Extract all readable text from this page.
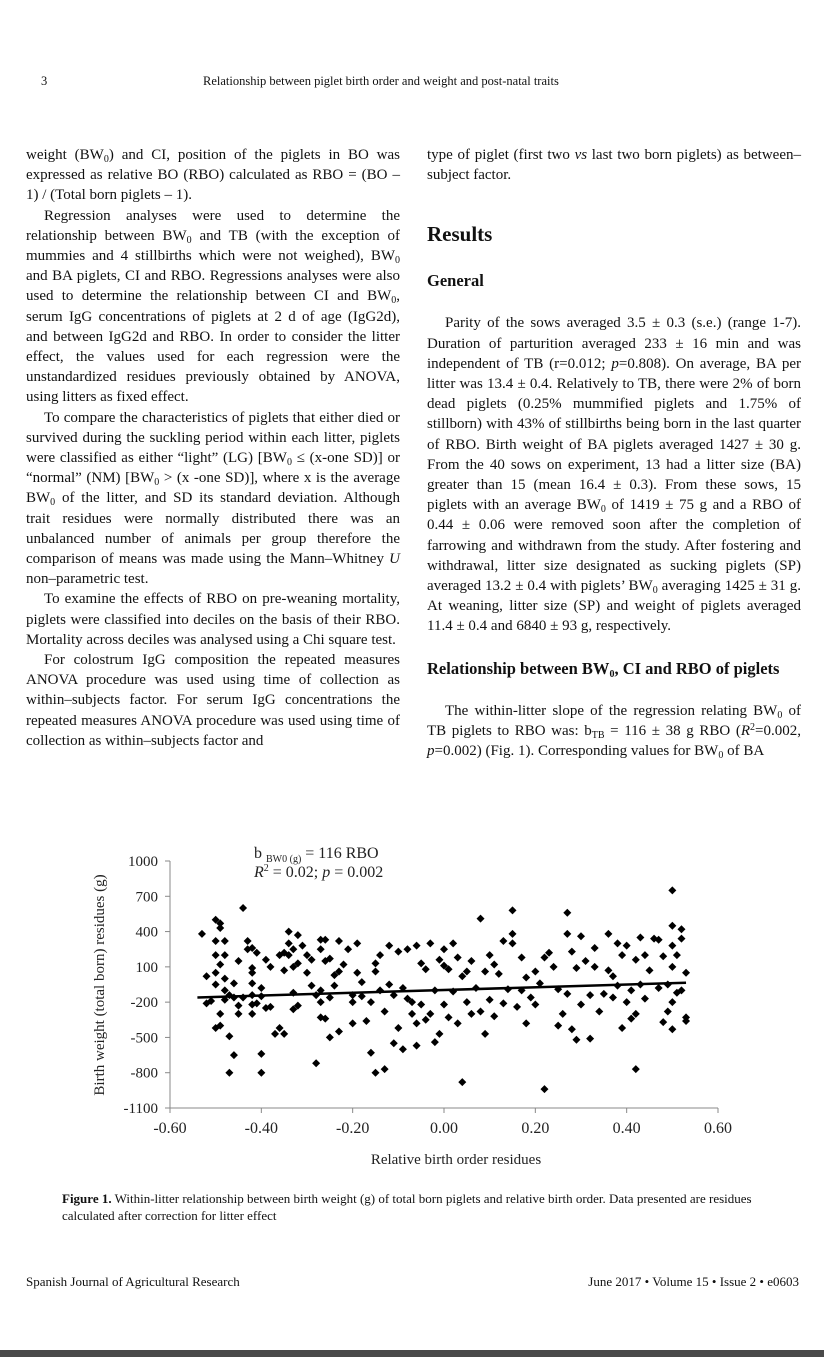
3	Relationship between piglet birth order and weight and post-natal traits

weight $(BW_0)$ and CI, position of the piglets in BO was expressed as relative BO (RBO) calculated as RBO = (BO – 1) / (Total born piglets – 1).

Regression analyses were used to determine the relationship between $BW_0$ and TB (with the exception of mummies and 4 stillbirths which were not weighed), $BW_0$ and BA piglets, CI and RBO. Regressions analyses were also used to determine the relationship between CI and $BW_0$, serum IgG concentrations of piglets at 2 d of age (IgG2d), and between IgG2d and RBO. In order to consider the litter effect, the values used for each regression were the unstandardized residues previously obtained by ANOVA, using litters as fixed effect.

To compare the characteristics of piglets that either died or survived during the suckling period within each litter, piglets were classified as either “light” (LG) [$BW_0 \le (x-one$ SD)] or “normal” (NM) [$BW_0 > (x$ -one SD)], where x is the average $BW_0$ of the litter, and SD its standard deviation. Although trait residues were normally distributed there was an unbalanced number of animals per group therefore the comparison of means was made using the Mann–Whitney U non–parametric test.

To examine the effects of RBO on pre-weaning mortality, piglets were classified into deciles on the basis of their RBO. Mortality across deciles was analysed using a Chi square test.

For colostrum IgG composition the repeated measures ANOVA procedure was used using time of collection as within–subjects factor. For serum IgG concentrations the repeated measures ANOVA procedure was used using time of collection as within–subjects factor and

type of piglet (first two vs last two born piglets) as between–subject factor.

Results

General

Parity of the sows averaged 3.5 ± 0.3 (s.e.) (range 1-7). Duration of parturition averaged 233 ± 16 min and was independent of TB (r=0.012; p=0.808). On average, BA per litter was 13.4 ± 0.4. Relatively to TB, there were 2% of born dead piglets (0.25% mummified piglets and 1.75% of stillborn) with 43% of stillbirths being born in the last quarter of RBO. Birth weight of BA piglets averaged 1427 ± 30 g. From the 40 sows on experiment, 13 had a litter size (BA) greater than 15 (mean 16.4 ± 0.3). From these sows, 15 piglets with an average $BW_0$ of 1419 ± 75 g and a RBO of 0.44 ± 0.06 were removed soon after the completion of farrowing and withdrawn from the study. After fostering and withdrawal, litter size designated as sucking piglets (SP) averaged 13.2 ± 0.4 with piglets’ $BW_0$ averaging 1425 ± 31 g. At weaning, litter size (SP) and weight of piglets averaged 11.4 ± 0.4 and 6840 ± 93 g, respectively.

Relationship between $BW_0$, CI and RBO of piglets

The within-litter slope of the regression relating $BW_0$ of TB piglets to RBO was: $b_{TB} = 116 \pm 38$ g RBO ($R^2=0.002$, p=0.002) (Fig. 1). Corresponding values for $BW_0$ of BA

1000
700
400
100
-200
-500
-800
-1100
-0.60	-0.40	-0.20	0.00	0.20	0.40	0.60
Birth weight (total born) residues (g)
Relative birth order residues
b $_{BW0 (g)}$ = 116 RBO
$R^2 = 0.02$; p = 0.002
Figure 1. Within-litter relationship between birth weight (g) of total born piglets and relative birth order. Data presented are residues calculated after correction for litter effect
Spanish Journal of Agricultural Research	June 2017 • Volume 15 • Issue 2 • e0603
